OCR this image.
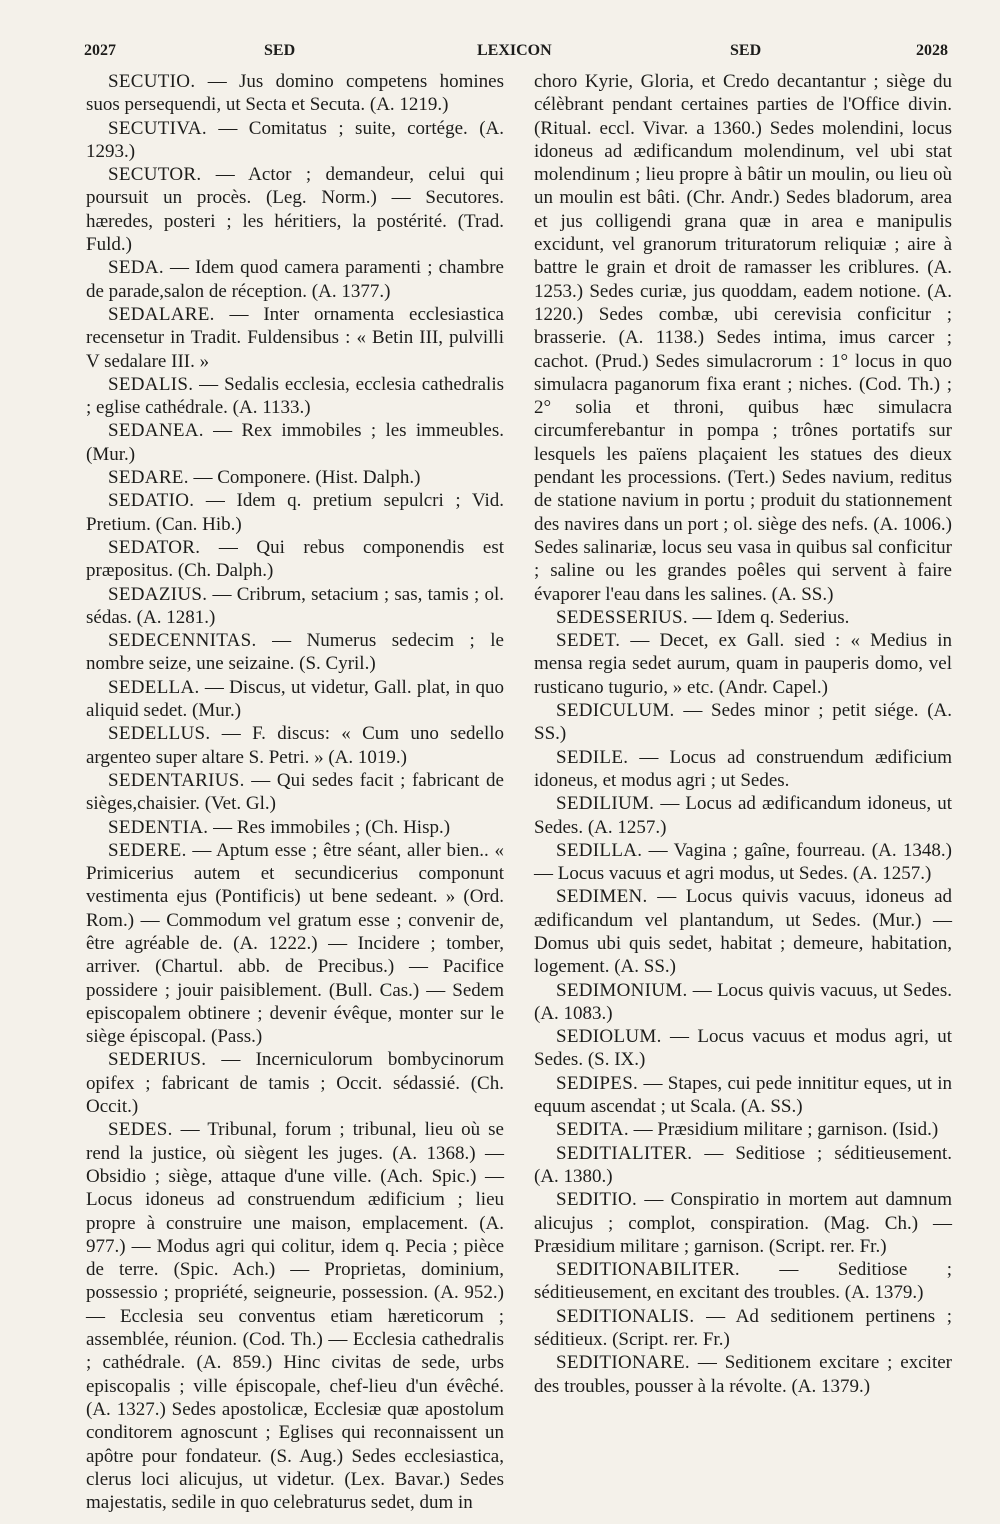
2027	SED	LEXICON	SED	2028

SECUTIO. — Jus domino competens homines suos persequendi, ut Secta et Secuta. (A. 1219.)

SECUTIVA. — Comitatus ; suite, cortége. (A. 1293.)

SECUTOR. — Actor ; demandeur, celui qui poursuit un procès. (Leg. Norm.) — Secutores. hæredes, posteri ; les héritiers, la postérité. (Trad. Fuld.)

SEDA. — Idem quod camera paramenti ; chambre de parade,salon de réception. (A. 1377.)

SEDALARE. — Inter ornamenta ecclesiastica recensetur in Tradit. Fuldensibus : « Betin III, pulvilli V sedalare III. »

SEDALIS. — Sedalis ecclesia, ecclesia cathedralis ; eglise cathédrale. (A. 1133.)

SEDANEA. — Rex immobiles ; les immeubles. (Mur.)

SEDARE. — Componere. (Hist. Dalph.)

SEDATIO. — Idem q. pretium sepulcri ; Vid. Pretium. (Can. Hib.)

SEDATOR. — Qui rebus componendis est præpositus. (Ch. Dalph.)

SEDAZIUS. — Cribrum, setacium ; sas, tamis ; ol. sédas. (A. 1281.)

SEDECENNITAS. — Numerus sedecim ; le nombre seize, une seizaine. (S. Cyril.)

SEDELLA. — Discus, ut videtur, Gall. plat, in quo aliquid sedet. (Mur.)

SEDELLUS. — F. discus: « Cum uno sedello argenteo super altare S. Petri. » (A. 1019.)

SEDENTARIUS. — Qui sedes facit ; fabricant de sièges,chaisier. (Vet. Gl.)

SEDENTIA. — Res immobiles ; (Ch. Hisp.)

SEDERE. — Aptum esse ; être séant, aller bien.. « Primicerius autem et secundicerius componunt vestimenta ejus (Pontificis) ut bene sedeant. » (Ord. Rom.) — Commodum vel gratum esse ; convenir de, être agréable de. (A. 1222.) — Incidere ; tomber, arriver. (Chartul. abb. de Precibus.) — Pacifice possidere ; jouir paisiblement. (Bull. Cas.) — Sedem episcopalem obtinere ; devenir évêque, monter sur le siège épiscopal. (Pass.)

SEDERIUS. — Incerniculorum bombycinorum opifex ; fabricant de tamis ; Occit. sédassié. (Ch. Occit.)

SEDES. — Tribunal, forum ; tribunal, lieu où se rend la justice, où siègent les juges. (A. 1368.) — Obsidio ; siège, attaque d'une ville. (Ach. Spic.) — Locus idoneus ad construendum ædificium ; lieu propre à construire une maison, emplacement. (A. 977.) — Modus agri qui colitur, idem q. Pecia ; pièce de terre. (Spic. Ach.) — Proprietas, dominium, possessio ; propriété, seigneurie, possession. (A. 952.) — Ecclesia seu conventus etiam hæreticorum ; assemblée, réunion. (Cod. Th.) — Ecclesia cathedralis ; cathédrale. (A. 859.) Hinc civitas de sede, urbs episcopalis ; ville épiscopale, chef-lieu d'un évêché. (A. 1327.) Sedes apostolicæ, Ecclesiæ quæ apostolum conditorem agnoscunt ; Eglises qui reconnaissent un apôtre pour fondateur. (S. Aug.) Sedes ecclesiastica, clerus loci alicujus, ut videtur. (Lex. Bavar.) Sedes majestatis, sedile in quo celebraturus sedet, dum in

choro Kyrie, Gloria, et Credo decantantur ; siège du célèbrant pendant certaines parties de l'Office divin. (Ritual. eccl. Vivar. a 1360.) Sedes molendini, locus idoneus ad ædificandum molendinum, vel ubi stat molendinum ; lieu propre à bâtir un moulin, ou lieu où un moulin est bâti. (Chr. Andr.) Sedes bladorum, area et jus colligendi grana quæ in area e manipulis excidunt, vel granorum trituratorum reliquiæ ; aire à battre le grain et droit de ramasser les criblures. (A. 1253.) Sedes curiæ, jus quoddam, eadem notione. (A. 1220.) Sedes combæ, ubi cerevisia conficitur ; brasserie. (A. 1138.) Sedes intima, imus carcer ; cachot. (Prud.) Sedes simulacrorum : 1° locus in quo simulacra paganorum fixa erant ; niches. (Cod. Th.) ; 2° solia et throni, quibus hæc simulacra circumferebantur in pompa ; trônes portatifs sur lesquels les païens plaçaient les statues des dieux pendant les processions. (Tert.) Sedes navium, reditus de statione navium in portu ; produit du stationnement des navires dans un port ; ol. siège des nefs. (A. 1006.) Sedes salinariæ, locus seu vasa in quibus sal conficitur ; saline ou les grandes poêles qui servent à faire évaporer l'eau dans les salines. (A. SS.)

SEDESSERIUS. — Idem q. Sederius.

SEDET. — Decet, ex Gall. sied : « Medius in mensa regia sedet aurum, quam in pauperis domo, vel rusticano tugurio, » etc. (Andr. Capel.)

SEDICULUM. — Sedes minor ; petit siége. (A. SS.)

SEDILE. — Locus ad construendum ædificium idoneus, et modus agri ; ut Sedes.

SEDILIUM. — Locus ad ædificandum idoneus, ut Sedes. (A. 1257.)

SEDILLA. — Vagina ; gaîne, fourreau. (A. 1348.) — Locus vacuus et agri modus, ut Sedes. (A. 1257.)

SEDIMEN. — Locus quivis vacuus, idoneus ad ædificandum vel plantandum, ut Sedes. (Mur.) — Domus ubi quis sedet, habitat ; demeure, habitation, logement. (A. SS.)

SEDIMONIUM. — Locus quivis vacuus, ut Sedes. (A. 1083.)

SEDIOLUM. — Locus vacuus et modus agri, ut Sedes. (S. IX.)

SEDIPES. — Stapes, cui pede innititur eques, ut in equum ascendat ; ut Scala. (A. SS.)

SEDITA. — Præsidium militare ; garnison. (Isid.)

SEDITIALITER. — Seditiose ; séditieusement. (A. 1380.)

SEDITIO. — Conspiratio in mortem aut damnum alicujus ; complot, conspiration. (Mag. Ch.) — Præsidium militare ; garnison. (Script. rer. Fr.)

SEDITIONABILITER. — Seditiose ; séditieusement, en excitant des troubles. (A. 1379.)

SEDITIONALIS. — Ad seditionem pertinens ; séditieux. (Script. rer. Fr.)

SEDITIONARE. — Seditionem excitare ; exciter des troubles, pousser à la révolte. (A. 1379.)
